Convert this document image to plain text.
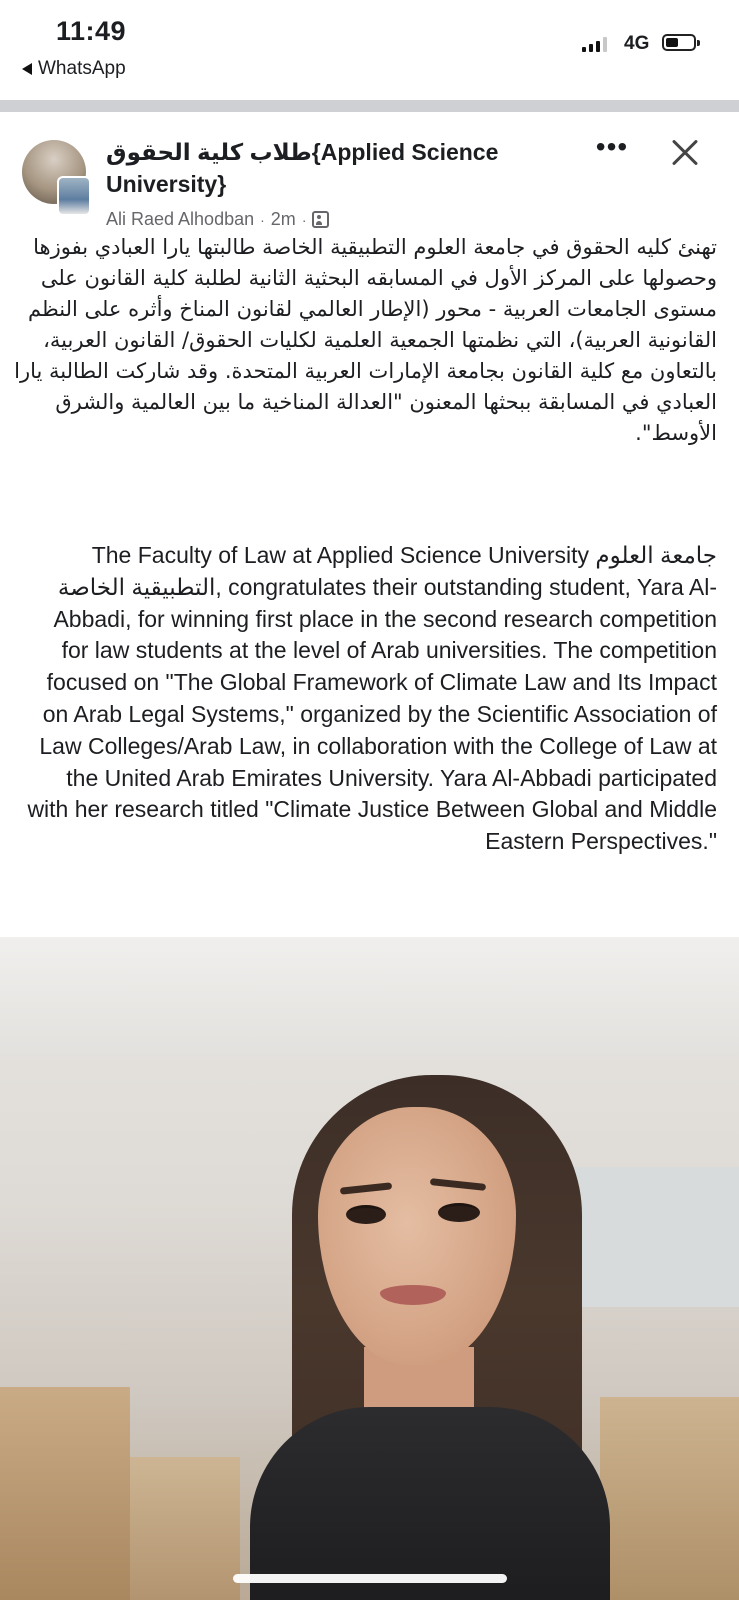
11:49
WhatsApp
4G
طلاب كلية الحقوق{Applied Science University}
Ali Raed Alhodban · 2m ·
•••

تهنئ كليه الحقوق في جامعة العلوم التطبيقية الخاصة طالبتها يارا العبادي بفوزها وحصولها على المركز الأول في المسابقه البحثية الثانية لطلبة كلية القانون على مستوى الجامعات العربية - محور (الإطار العالمي لقانون المناخ وأثره على النظم القانونية العربية)، التي نظمتها الجمعية العلمية لكليات الحقوق/ القانون العربية، بالتعاون مع كلية القانون بجامعة الإمارات العربية المتحدة. وقد شاركت الطالبة يارا العبادي في المسابقة ببحثها المعنون "العدالة المناخية ما بين العالمية والشرق الأوسط".

The Faculty of Law at Applied Science University جامعة العلوم التطبيقية الخاصة, congratulates their outstanding student, Yara Al-Abbadi, for winning first place in the second research competition for law students at the level of Arab universities. The competition focused on "The Global Framework of Climate Law and Its Impact on Arab Legal Systems," organized by the Scientific Association of Law Colleges/Arab Law, in collaboration with the College of Law at the United Arab Emirates University. Yara Al-Abbadi participated with her research titled "Climate Justice Between Global and Middle Eastern Perspectives."
